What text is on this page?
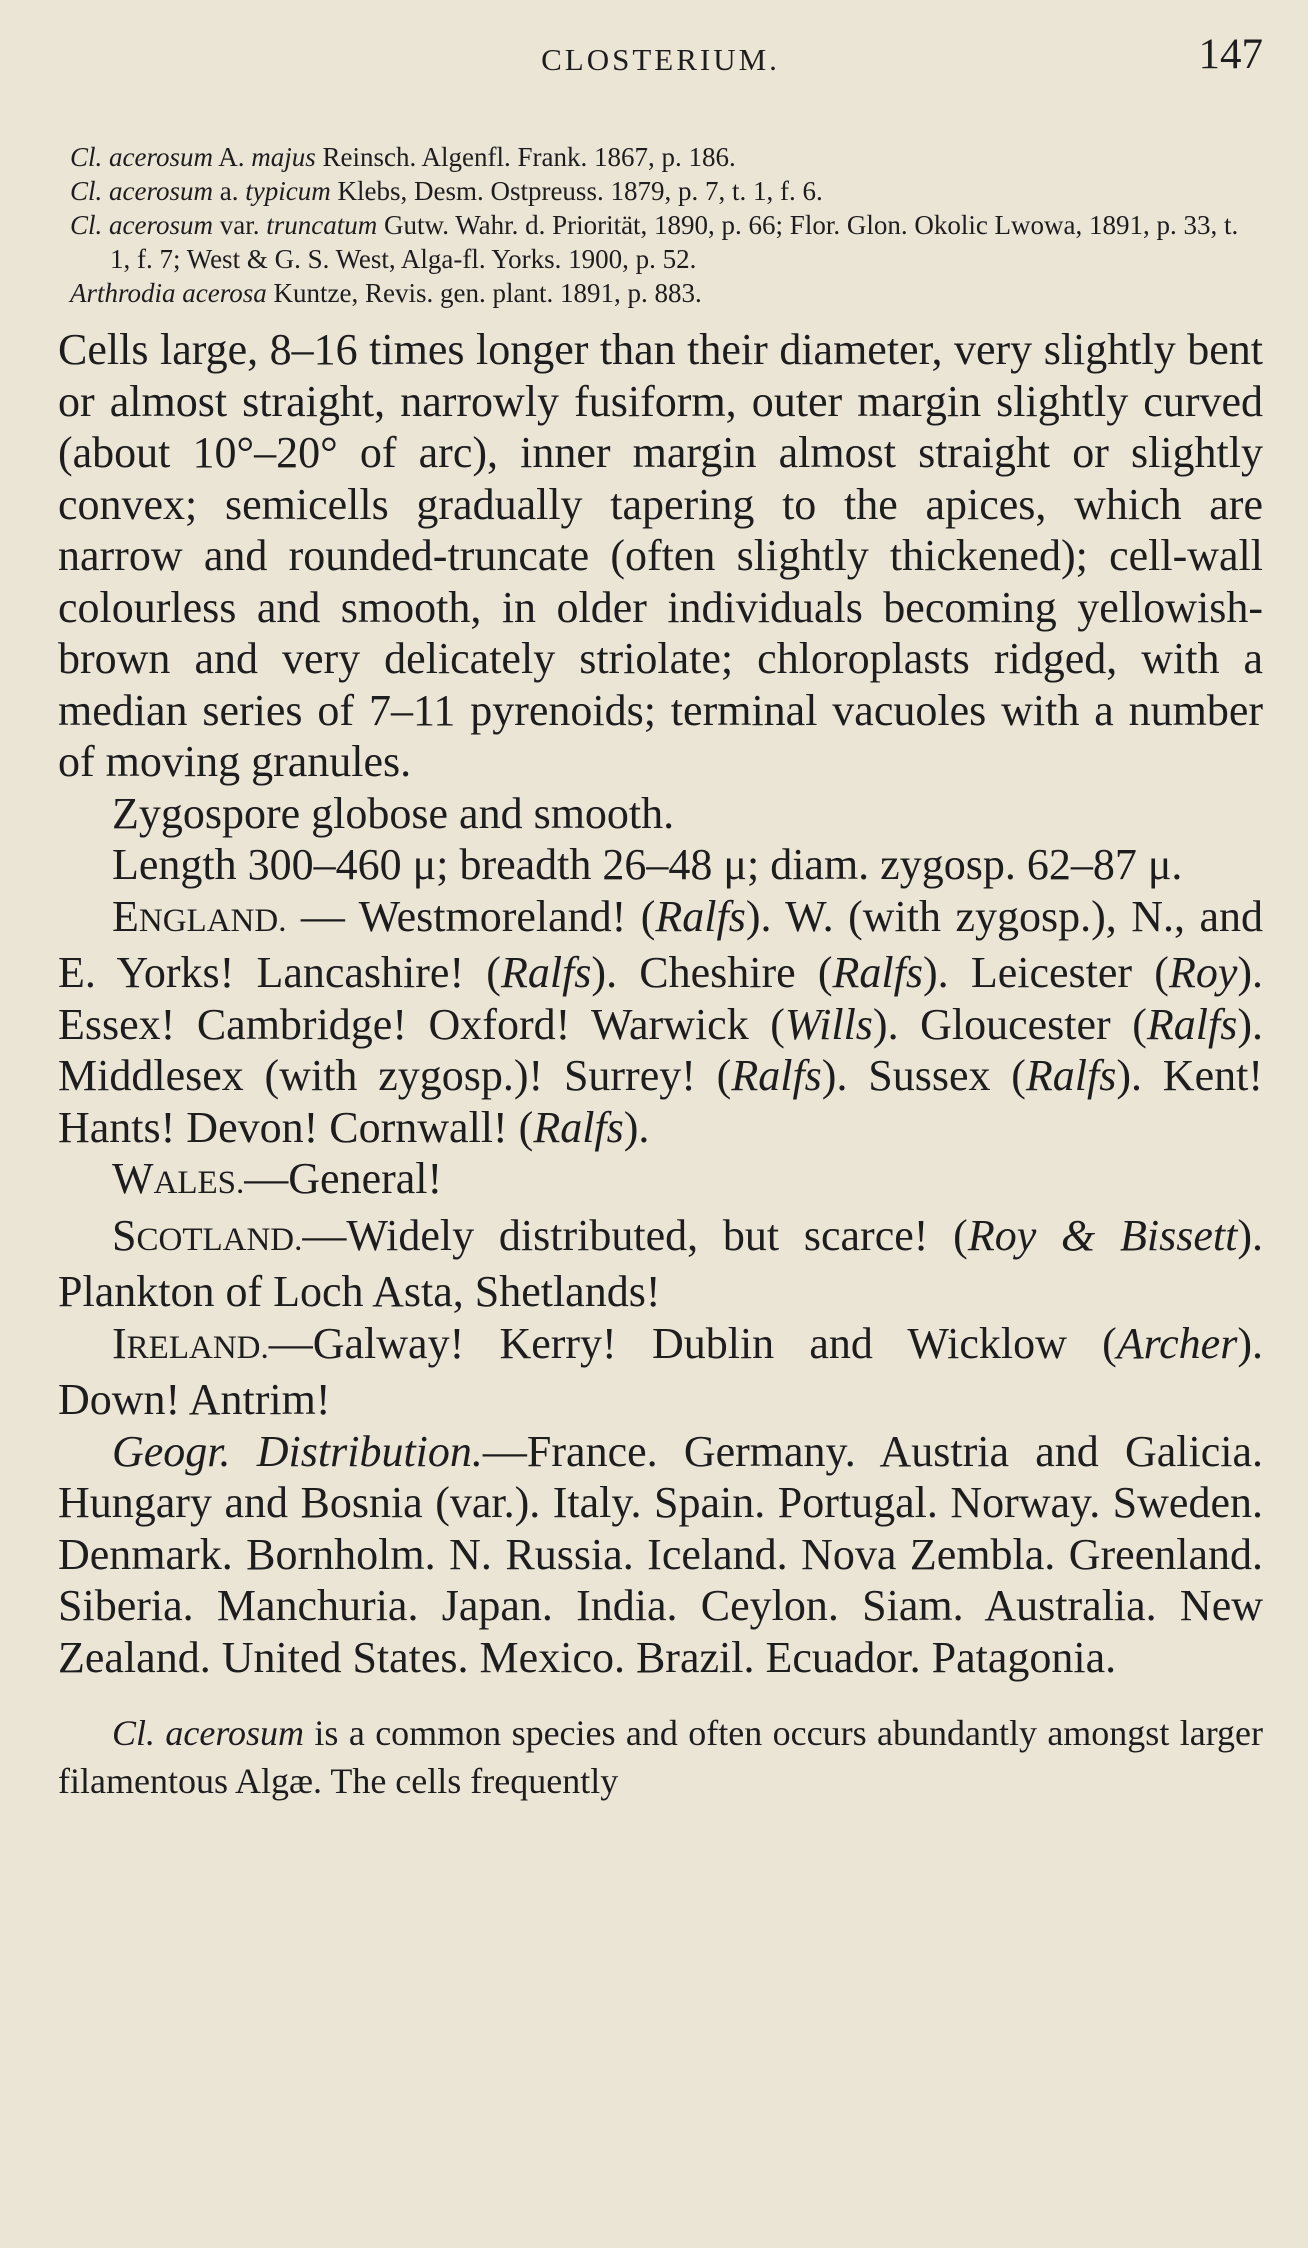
CLOSTERIUM.	147

Cl. acerosum A. majus Reinsch. Algenfl. Frank. 1867, p. 186.

Cl. acerosum a. typicum Klebs, Desm. Ostpreuss. 1879, p. 7, t. 1, f. 6.

Cl. acerosum var. truncatum Gutw. Wahr. d. Priorität, 1890, p. 66; Flor. Glon. Okolic Lwowa, 1891, p. 33, t. 1, f. 7; West & G. S. West, Alga-fl. Yorks. 1900, p. 52.

Arthrodia acerosa Kuntze, Revis. gen. plant. 1891, p. 883.

Cells large, 8–16 times longer than their diameter, very slightly bent or almost straight, narrowly fusiform, outer margin slightly curved (about 10°–20° of arc), inner margin almost straight or slightly convex; semicells gradually tapering to the apices, which are narrow and rounded-truncate (often slightly thickened); cell-wall colourless and smooth, in older individuals becoming yellowish-brown and very delicately striolate; chloroplasts ridged, with a median series of 7–11 pyrenoids; terminal vacuoles with a number of moving granules.

Zygospore globose and smooth.

Length 300–460 μ; breadth 26–48 μ; diam. zygosp. 62–87 μ.

ENGLAND. — Westmoreland! (Ralfs). W. (with zygosp.), N., and E. Yorks! Lancashire! (Ralfs). Cheshire (Ralfs). Leicester (Roy). Essex! Cambridge! Oxford! Warwick (Wills). Gloucester (Ralfs). Middlesex (with zygosp.)! Surrey! (Ralfs). Sussex (Ralfs). Kent! Hants! Devon! Cornwall! (Ralfs).

WALES.—General!

SCOTLAND.—Widely distributed, but scarce! (Roy & Bissett). Plankton of Loch Asta, Shetlands!

IRELAND.—Galway! Kerry! Dublin and Wicklow (Archer). Down! Antrim!

Geogr. Distribution.—France. Germany. Austria and Galicia. Hungary and Bosnia (var.). Italy. Spain. Portugal. Norway. Sweden. Denmark. Bornholm. N. Russia. Iceland. Nova Zembla. Greenland. Siberia. Manchuria. Japan. India. Ceylon. Siam. Australia. New Zealand. United States. Mexico. Brazil. Ecuador. Patagonia.

Cl. acerosum is a common species and often occurs abundantly amongst larger filamentous Algæ. The cells frequently
